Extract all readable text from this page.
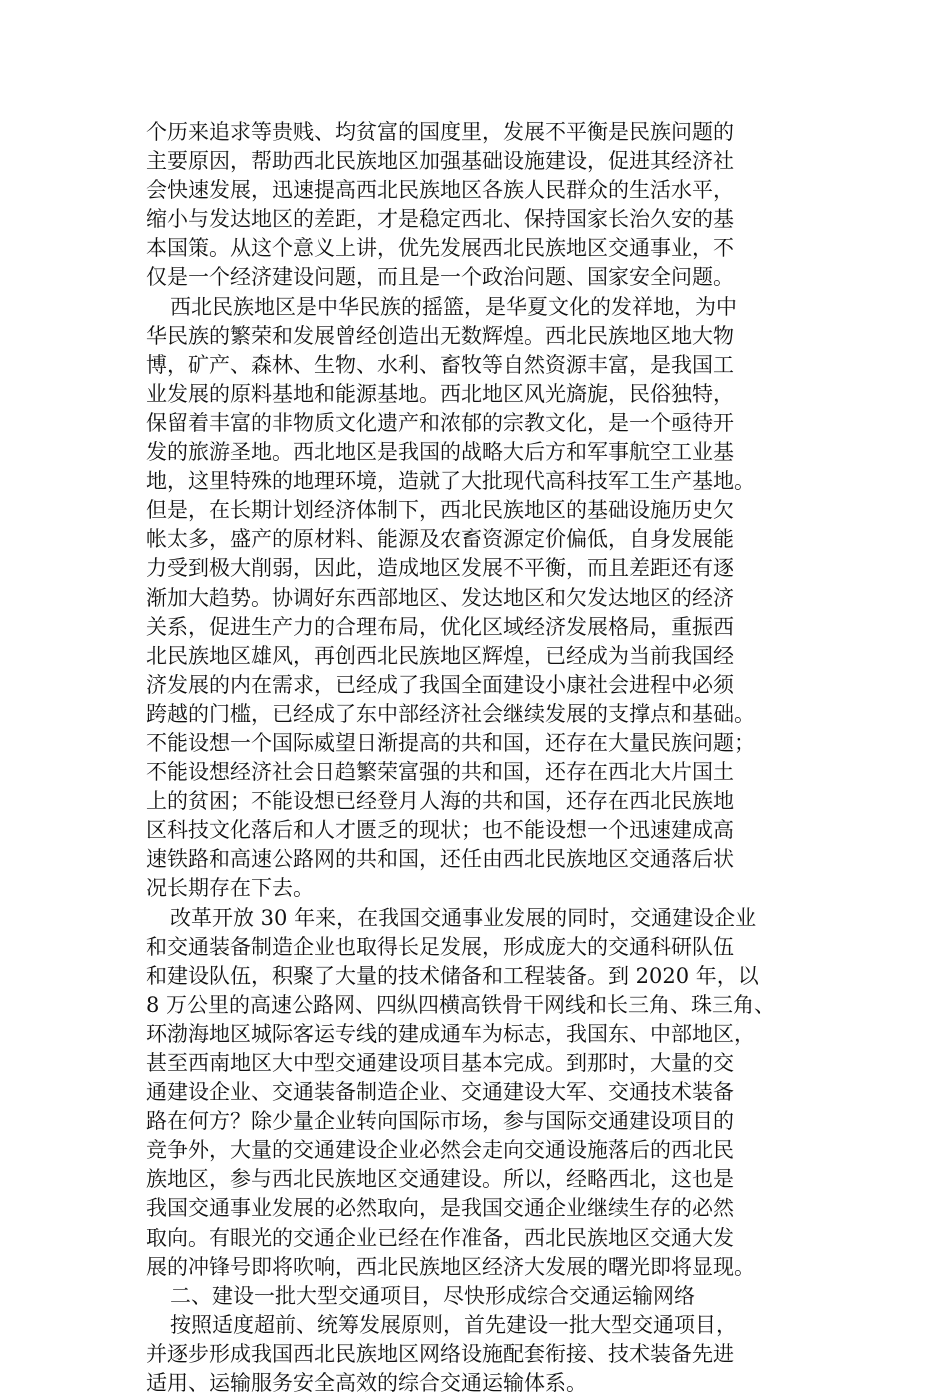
个历来追求等贵贱、均贫富的国度里，发展不平衡是民族问题的
主要原因，帮助西北民族地区加强基础设施建设，促进其经济社
会快速发展，迅速提高西北民族地区各族人民群众的生活水平，
缩小与发达地区的差距，才是稳定西北、保持国家长治久安的基
本国策。从这个意义上讲，优先发展西北民族地区交通事业，不
仅是一个经济建设问题，而且是一个政治问题、国家安全问题。
西北民族地区是中华民族的摇篮，是华夏文化的发祥地，为中
华民族的繁荣和发展曾经创造出无数辉煌。西北民族地区地大物
博，矿产、森林、生物、水利、畜牧等自然资源丰富，是我国工
业发展的原料基地和能源基地。西北地区风光旖旎，民俗独特，
保留着丰富的非物质文化遗产和浓郁的宗教文化，是一个亟待开
发的旅游圣地。西北地区是我国的战略大后方和军事航空工业基
地，这里特殊的地理环境，造就了大批现代高科技军工生产基地。
但是，在长期计划经济体制下，西北民族地区的基础设施历史欠
帐太多，盛产的原材料、能源及农畜资源定价偏低，自身发展能
力受到极大削弱，因此，造成地区发展不平衡，而且差距还有逐
渐加大趋势。协调好东西部地区、发达地区和欠发达地区的经济
关系，促进生产力的合理布局，优化区域经济发展格局，重振西
北民族地区雄风，再创西北民族地区辉煌，已经成为当前我国经
济发展的内在需求，已经成了我国全面建设小康社会进程中必须
跨越的门槛，已经成了东中部经济社会继续发展的支撑点和基础。
不能设想一个国际威望日渐提高的共和国，还存在大量民族问题；
不能设想经济社会日趋繁荣富强的共和国，还存在西北大片国土
上的贫困；不能设想已经登月人海的共和国，还存在西北民族地
区科技文化落后和人才匮乏的现状；也不能设想一个迅速建成高
速铁路和高速公路网的共和国，还任由西北民族地区交通落后状
况长期存在下去。
改革开放 30 年来，在我国交通事业发展的同时，交通建设企业
和交通装备制造企业也取得长足发展，形成庞大的交通科研队伍
和建设队伍，积聚了大量的技术储备和工程装备。到 2020 年，以
8 万公里的高速公路网、四纵四横高铁骨干网线和长三角、珠三角、
环渤海地区城际客运专线的建成通车为标志，我国东、中部地区，
甚至西南地区大中型交通建设项目基本完成。到那时，大量的交
通建设企业、交通装备制造企业、交通建设大军、交通技术装备
路在何方？除少量企业转向国际市场，参与国际交通建设项目的
竞争外，大量的交通建设企业必然会走向交通设施落后的西北民
族地区，参与西北民族地区交通建设。所以，经略西北，这也是
我国交通事业发展的必然取向，是我国交通企业继续生存的必然
取向。有眼光的交通企业已经在作准备，西北民族地区交通大发
展的冲锋号即将吹响，西北民族地区经济大发展的曙光即将显现。
二、建设一批大型交通项目，尽快形成综合交通运输网络
按照适度超前、统筹发展原则，首先建设一批大型交通项目，
并逐步形成我国西北民族地区网络设施配套衔接、技术装备先进
适用、运输服务安全高效的综合交通运输体系。
